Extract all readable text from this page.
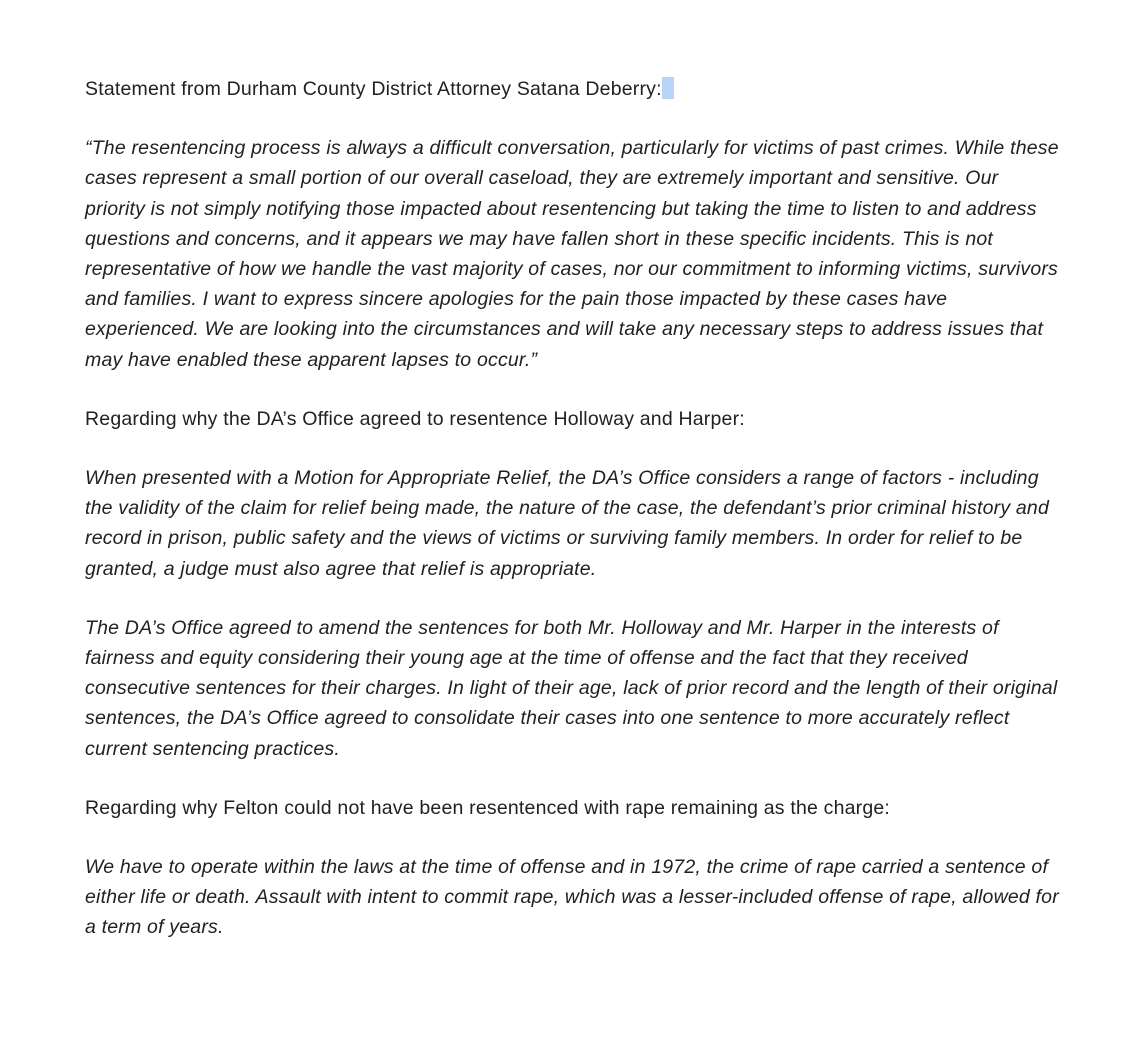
Statement from Durham County District Attorney Satana Deberry:

“The resentencing process is always a difficult conversation, particularly for victims of past crimes. While these cases represent a small portion of our overall caseload, they are extremely important and sensitive. Our priority is not simply notifying those impacted about resentencing but taking the time to listen to and address questions and concerns, and it appears we may have fallen short in these specific incidents. This is not representative of how we handle the vast majority of cases, nor our commitment to informing victims, survivors and families. I want to express sincere apologies for the pain those impacted by these cases have experienced. We are looking into the circumstances and will take any necessary steps to address issues that may have enabled these apparent lapses to occur.”

Regarding why the DA’s Office agreed to resentence Holloway and Harper:

When presented with a Motion for Appropriate Relief, the DA’s Office considers a range of factors - including the validity of the claim for relief being made, the nature of the case, the defendant’s prior criminal history and record in prison, public safety and the views of victims or surviving family members. In order for relief to be granted, a judge must also agree that relief is appropriate.

The DA’s Office agreed to amend the sentences for both Mr. Holloway and Mr. Harper in the interests of fairness and equity considering their young age at the time of offense and the fact that they received consecutive sentences for their charges. In light of their age, lack of prior record and the length of their original sentences, the DA’s Office agreed to consolidate their cases into one sentence to more accurately reflect current sentencing practices.

Regarding why Felton could not have been resentenced with rape remaining as the charge:

We have to operate within the laws at the time of offense and in 1972, the crime of rape carried a sentence of either life or death. Assault with intent to commit rape, which was a lesser-included offense of rape, allowed for a term of years.
